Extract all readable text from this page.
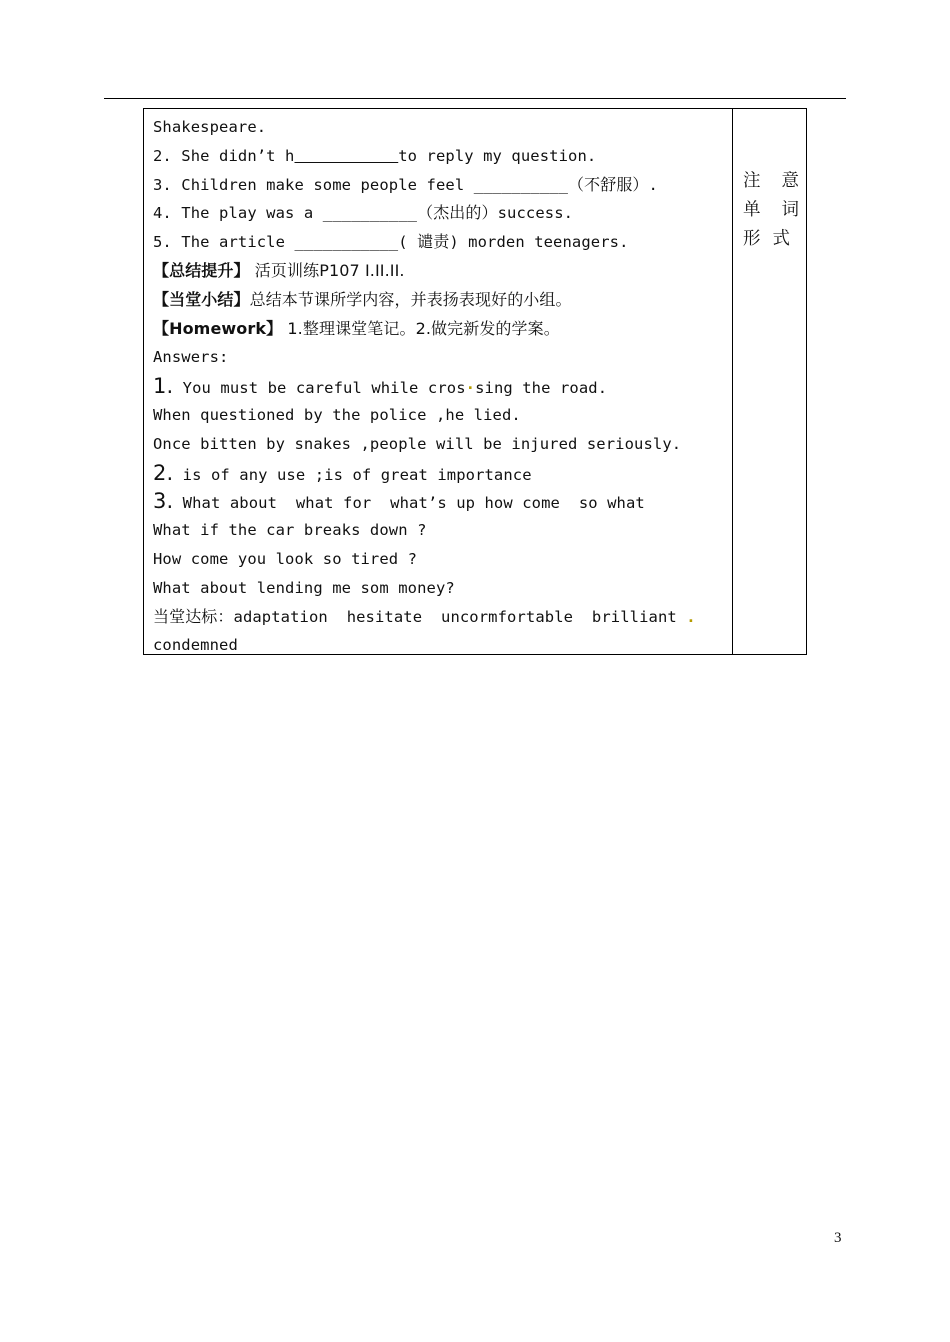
Shakespeare.
2. She didn’t h	to reply my question.
3. Children make some people feel __________（不舒服）.
4. The play was a __________（杰出的）success.
5. The article ___________( 谴责) morden teenagers.
【总结提升】 活页训练P107 I.II.II.
【当堂小结】总结本节课所学内容，并表扬表现好的小组。
【Homework】 1.整理课堂笔记。2.做完新发的学案。
Answers:
1. You must be careful while cros·sing the road.
When questioned by the police ,he lied.
Once bitten by snakes ,people will be injured seriously.
2. is of any use ;is of great importance
3. What about  what for  what’s up how come  so what
What if the car breaks down ?
How come you look so tired ?
What about lending me som money?
当堂达标：adaptation  hesitate  uncormfortable  brilliant .
condemned
注 意
单 词
形 式
3
